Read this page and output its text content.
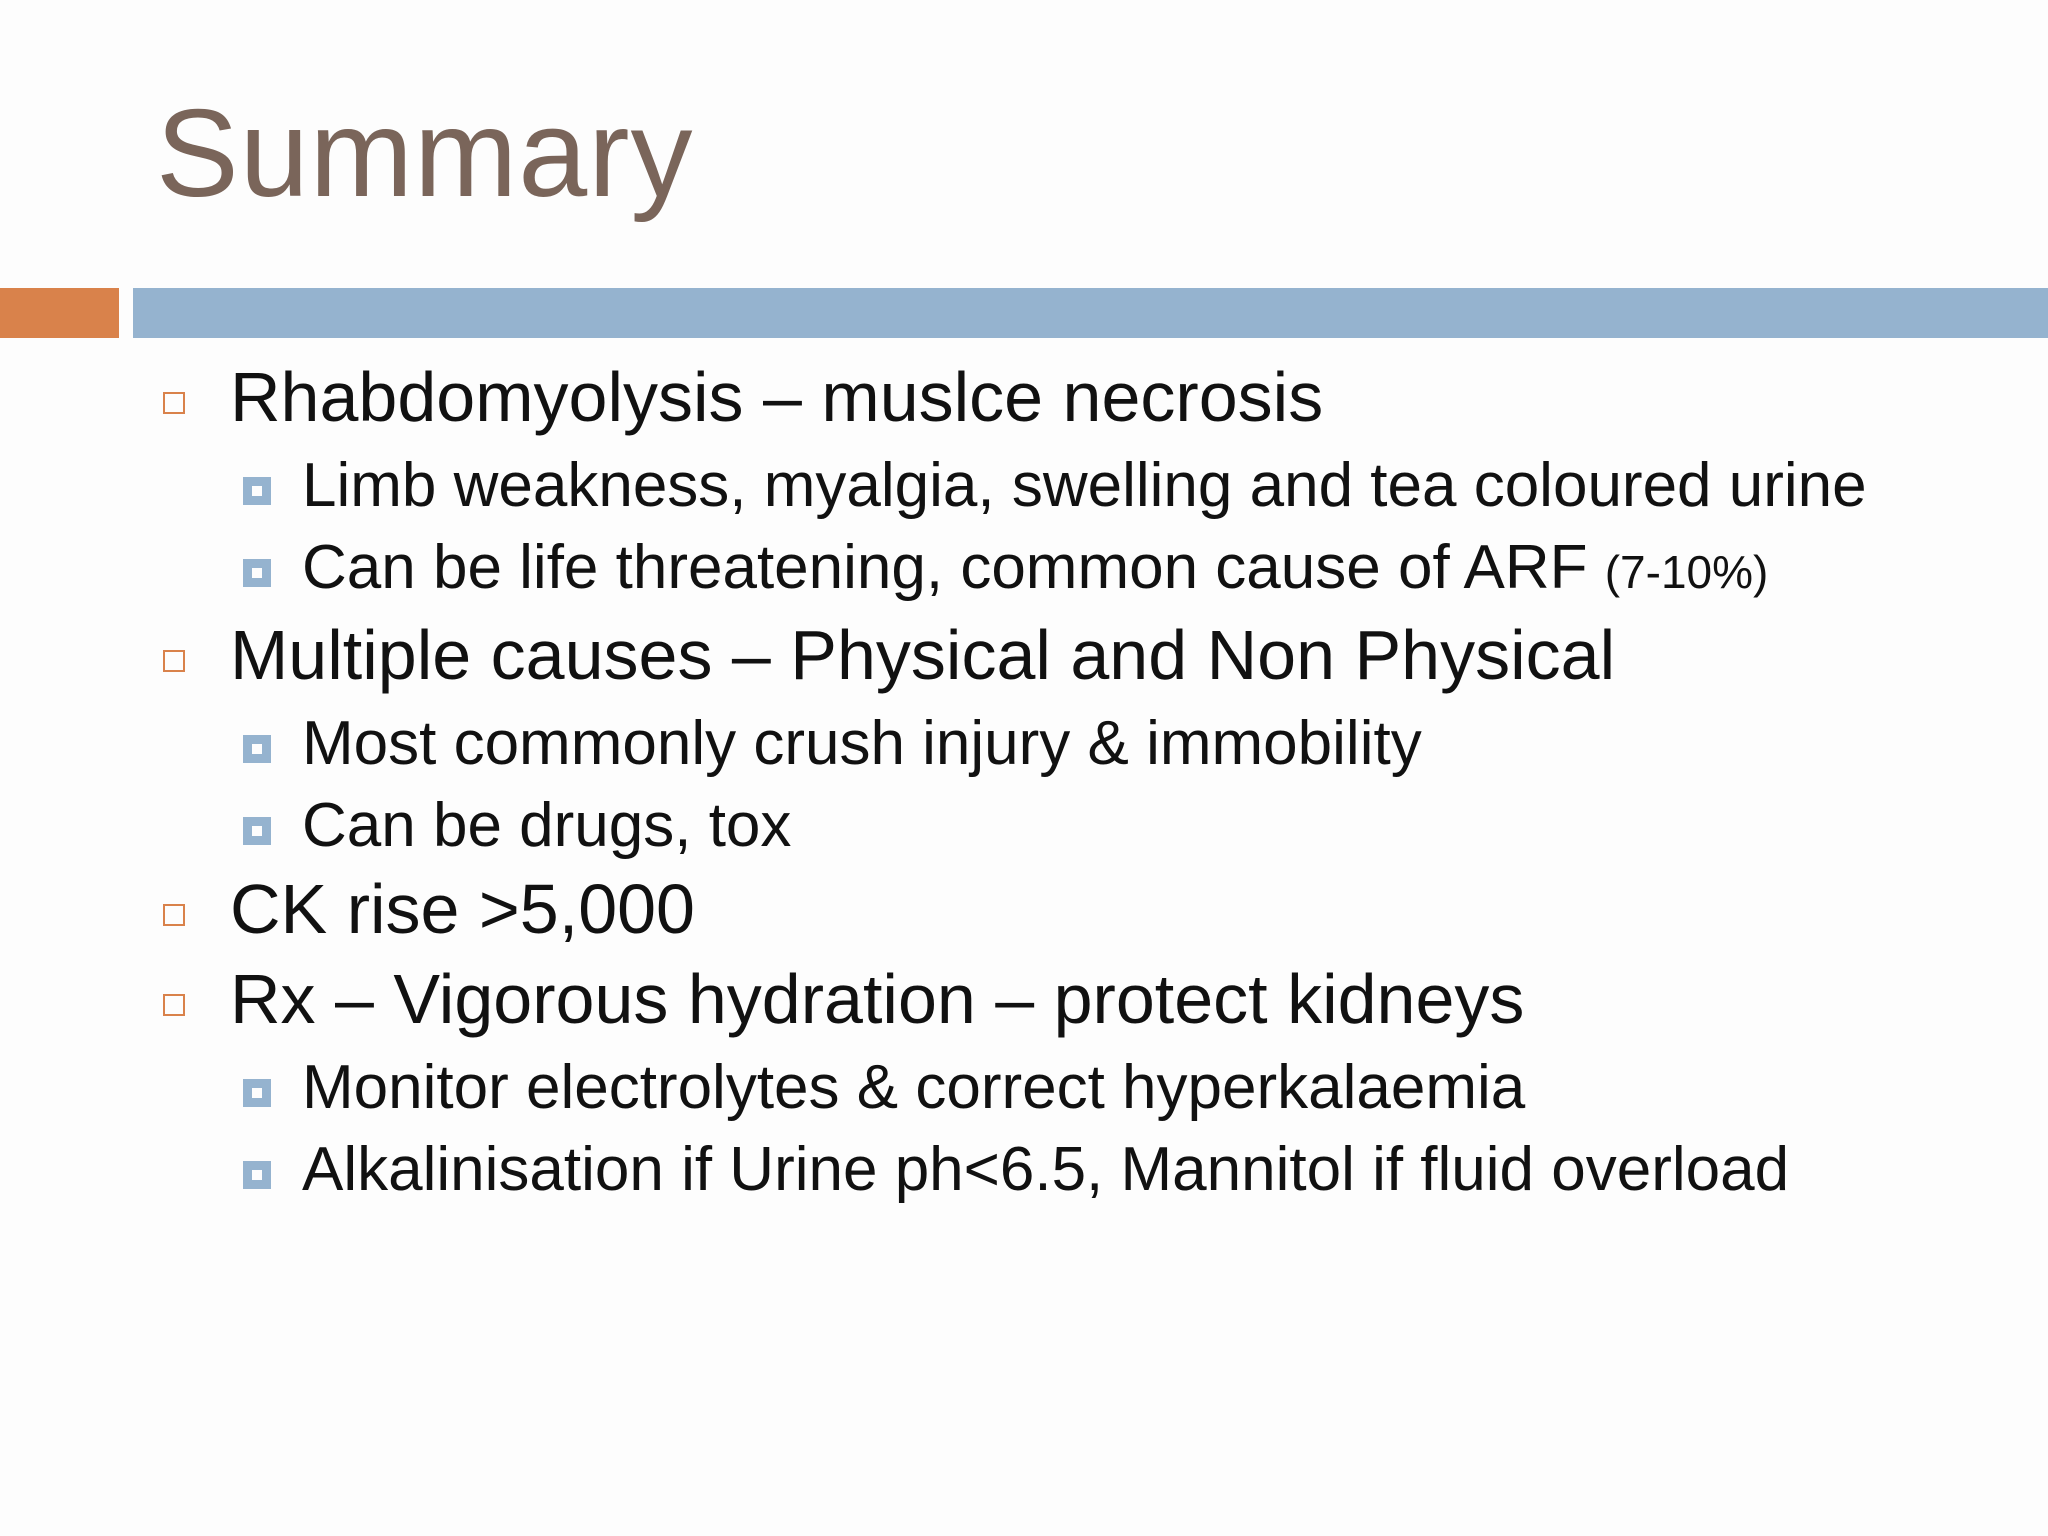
Summary
Rhabdomyolysis – muslce necrosis
Limb weakness, myalgia, swelling and tea coloured urine
Can be life threatening, common cause of ARF (7-10%)
Multiple causes – Physical and Non Physical
Most commonly crush injury & immobility
Can be drugs, tox
CK rise >5,000
Rx – Vigorous hydration – protect kidneys
Monitor electrolytes & correct hyperkalaemia
Alkalinisation if Urine ph<6.5, Mannitol if fluid overload
